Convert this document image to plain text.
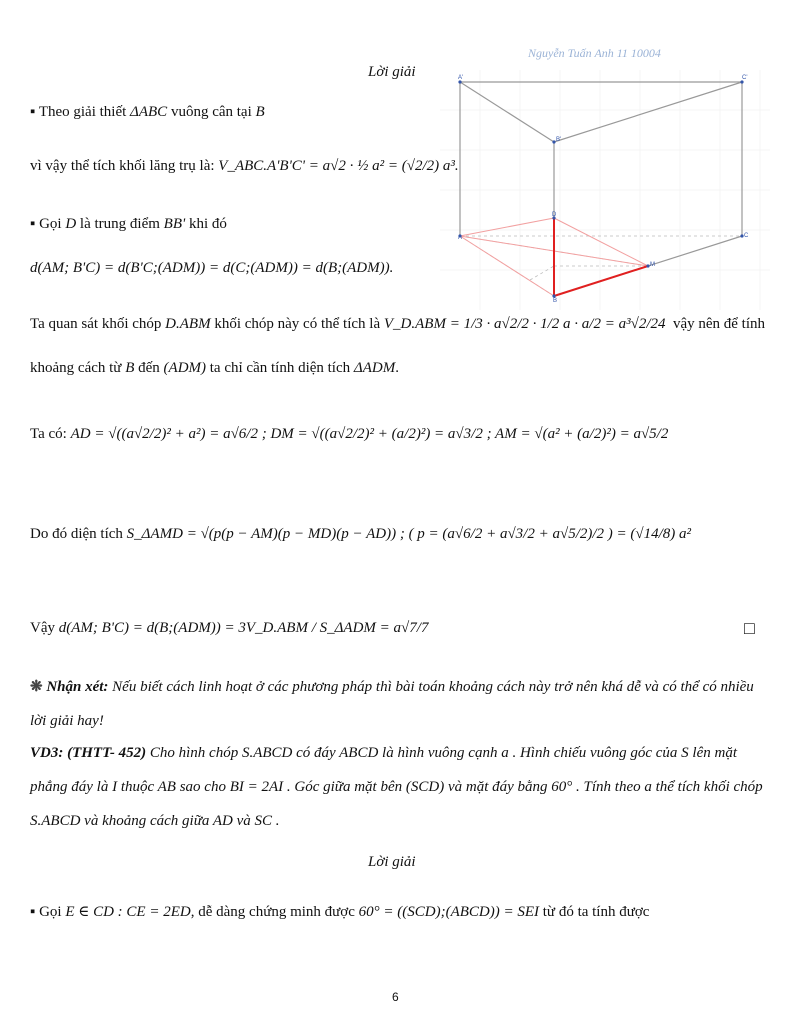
Nguyễn Tuấn Anh 11 10004
Lời giải	A'	C'
B'
D
A	C
M
B
▪ Theo giải thiết ΔABC vuông cân tại B
vì vậy thể tích khối lăng trụ là: V_ABC.A'B'C' = a√2 · ½ a² = (√2/2) a³.
▪ Gọi D là trung điểm BB' khi đó
d(AM; B'C) = d(B'C;(ADM)) = d(C;(ADM)) = d(B;(ADM)).
Ta quan sát khối chóp D.ABM khối chóp này có thể tích là V_D.ABM = 1/3 · a√2/2 · 1/2 a · a/2 = a³√2/24 vậy nên để tính
khoảng cách từ B đến (ADM) ta chỉ cần tính diện tích ΔADM.
Ta có: AD = √((a√2/2)² + a²) = a√6/2 ; DM = √((a√2/2)² + (a/2)²) = a√3/2 ; AM = √(a² + (a/2)²) = a√5/2
Do đó diện tích S_ΔAMD = √(p(p − AM)(p − MD)(p − AD)) ; ( p = (a√6/2 + a√3/2 + a√5/2)/2 ) = (√14/8) a²
Vậy d(AM; B'C) = d(B;(ADM)) = 3V_D.ABM / S_ΔADM = a√7/7	□
❋ Nhận xét: Nếu biết cách linh hoạt ở các phương pháp thì bài toán khoảng cách này trở nên khá dễ và có thể có nhiều lời giải hay!
VD3: (THTT- 452) Cho hình chóp S.ABCD có đáy ABCD là hình vuông cạnh a . Hình chiếu vuông góc của S lên mặt phẳng đáy là I thuộc AB sao cho BI = 2AI . Góc giữa mặt bên (SCD) và mặt đáy bằng 60° . Tính theo a thể tích khối chóp S.ABCD và khoảng cách giữa AD và SC .
Lời giải
▪ Gọi E ∈ CD : CE = 2ED, dễ dàng chứng minh được 60° = ((SCD);(ABCD)) = SEI từ đó ta tính được
6
